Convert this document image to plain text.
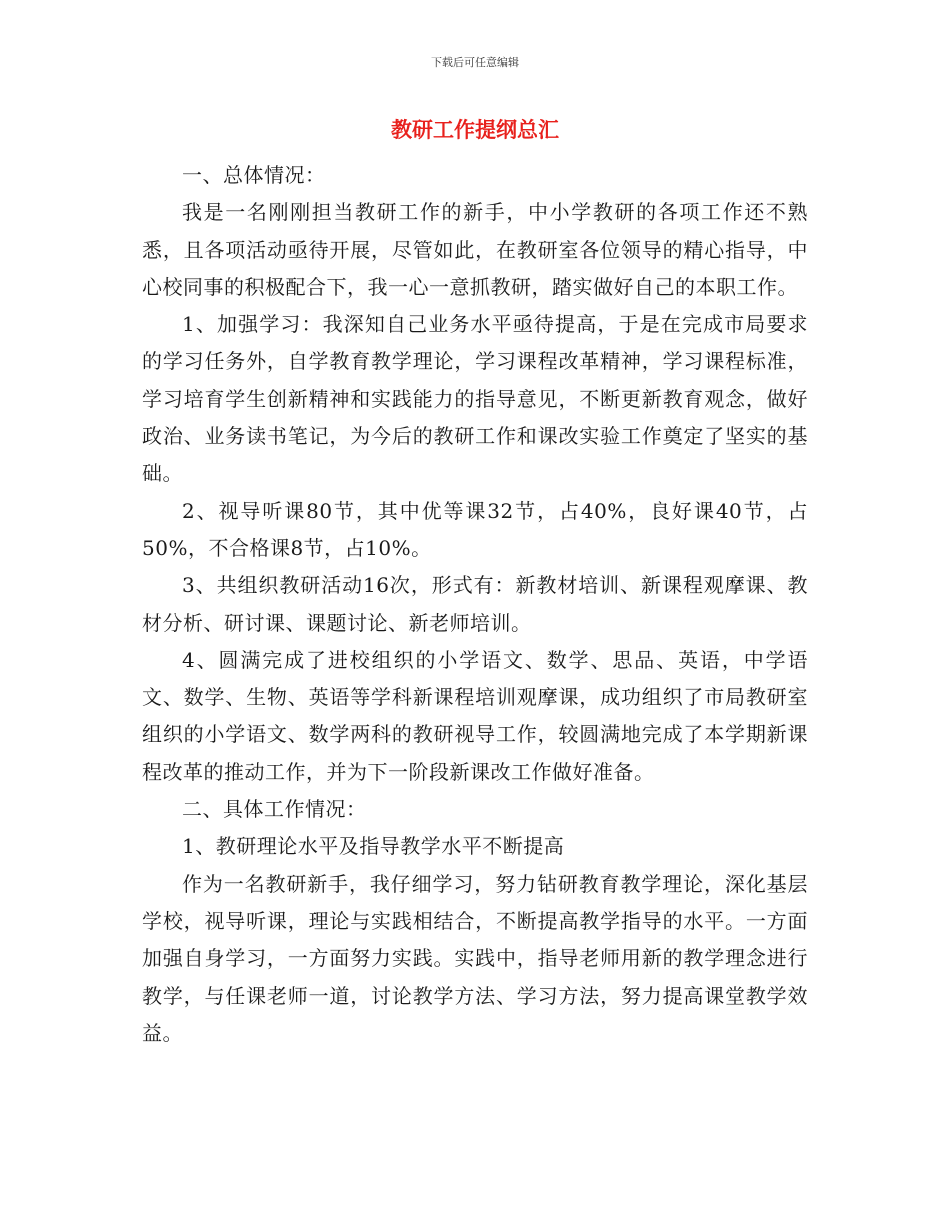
下载后可任意编辑
教研工作提纲总汇

一、总体情况：

我是一名刚刚担当教研工作的新手，中小学教研的各项工作还不熟悉，且各项活动亟待开展，尽管如此，在教研室各位领导的精心指导，中心校同事的积极配合下，我一心一意抓教研，踏实做好自己的本职工作。

1、加强学习：我深知自己业务水平亟待提高，于是在完成市局要求的学习任务外，自学教育教学理论，学习课程改革精神，学习课程标准，学习培育学生创新精神和实践能力的指导意见，不断更新教育观念，做好政治、业务读书笔记，为今后的教研工作和课改实验工作奠定了坚实的基础。

2、视导听课80节，其中优等课32节，占40%，良好课40节，占50%，不合格课8节，占10%。

3、共组织教研活动16次，形式有：新教材培训、新课程观摩课、教材分析、研讨课、课题讨论、新老师培训。

4、圆满完成了进校组织的小学语文、数学、思品、英语，中学语文、数学、生物、英语等学科新课程培训观摩课，成功组织了市局教研室组织的小学语文、数学两科的教研视导工作，较圆满地完成了本学期新课程改革的推动工作，并为下一阶段新课改工作做好准备。

二、具体工作情况：

1、教研理论水平及指导教学水平不断提高

作为一名教研新手，我仔细学习，努力钻研教育教学理论，深化基层学校，视导听课，理论与实践相结合，不断提高教学指导的水平。一方面加强自身学习，一方面努力实践。实践中，指导老师用新的教学理念进行教学，与任课老师一道，讨论教学方法、学习方法，努力提高课堂教学效益。
